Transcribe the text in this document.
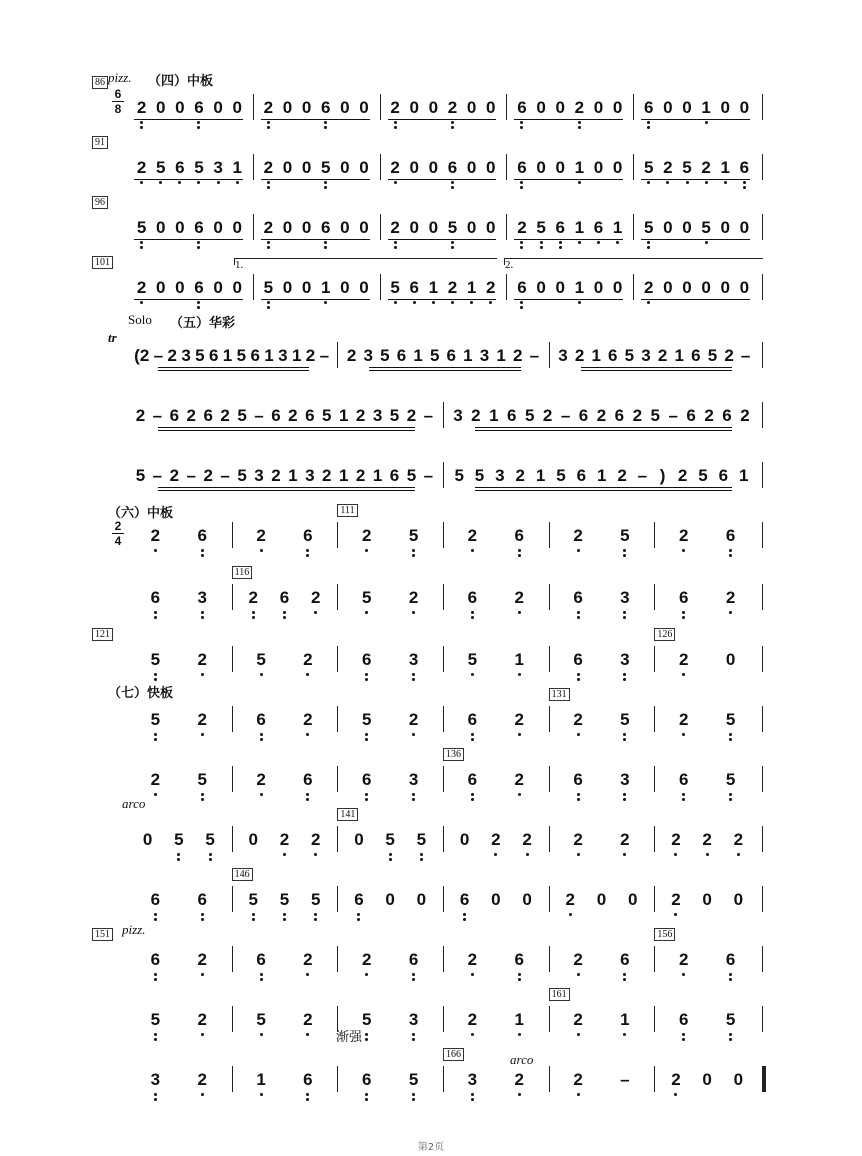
2 0 0 6 0 0 2 0 0 6 0 0 2 0 0 2 0 0 6 0 0 2 0 0 6 0 0 1 0 0
86
2 5 6 5 3 1 2 0 0 5 0 0 2 0 0 6 0 0 6 0 0 1 0 0 5 2 5 2 1 6
91
5 0 0 6 0 0 2 0 0 6 0 0 2 0 0 5 0 0 2 5 6 1 6 1 5 0 0 5 0 0
96
2 0 0 6 0 0 5 0 0 1 0 0 5 6 1 2 1 2 6 0 0 1 0 0 2 0 0 0 0 0
101
(2 – 2 3 5 6 1 5 6 1 3 1 2 – 2 3 5 6 1 5 6 1 3 1 2 – 3 2 1 6 5 3 2 1 6 5 2 –
2 – 6 2 6 2 5 – 6 2 6 5 1 2 3 5 2 – 3 2 1 6 5 2 – 6 2 6 2 5 – 6 2 6 2
5 – 2 – 2 – 5 3 2 1 3 2 1 2 1 6 5 – 5 5 3 2 1 5 6 1 2 – ) 2 5 6 1
2 6	2 6	2 5	2 6	2 5	2 6
111
6 3 2 6 2 5 2	6 2	6 3	6 2
116
5 2	5 2	6 3	5 1	6 3	2 0
121	126
5 2	6 2	5 2	6 2	2 5	2 5
131
2 5	2 6	6 3	6 2	6 3	6 5
136
0 5 5 0 2 2 0 5 5 0 2 2 2 2 2 2 2
141
6 6 5 5 5 6 0 0 6 0 0 2 0 0 2 0 0
146
6 2	6 2	2 6	2 6	2 6	2 6
151	156
5 2	5 2	5 3	2 1	2 1	6 5
161
3 2	1 6	6 5	3 2	2 – 2 0 0
166
pizz. （四）中板
Solo （五）华彩
tr
（六）中板
（七）快板
arco
pizz.
渐强
arco
1.	2.
6
8
2
4
第2页
